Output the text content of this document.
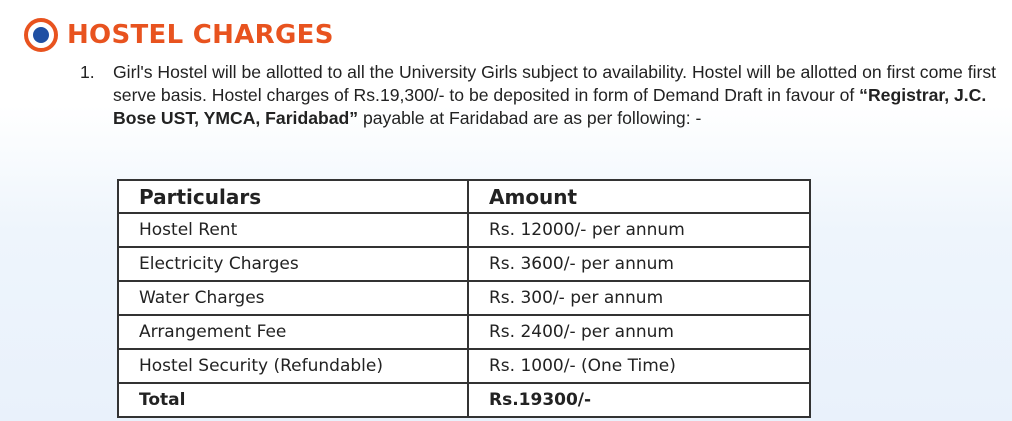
HOSTEL CHARGES
1. Girl's Hostel will be allotted to all the University Girls subject to availability. Hostel will be allotted on first come first serve basis. Hostel charges of Rs.19,300/- to be deposited in form of Demand Draft in favour of “Registrar, J.C. Bose UST, YMCA, Faridabad” payable at Faridabad are as per following: -
Particulars	Amount
Hostel Rent	Rs. 12000/- per annum
Electricity Charges	Rs. 3600/- per annum
Water Charges	Rs. 300/- per annum
Arrangement Fee	Rs. 2400/- per annum
Hostel Security (Refundable)	Rs. 1000/- (One Time)
Total	Rs.19300/-
